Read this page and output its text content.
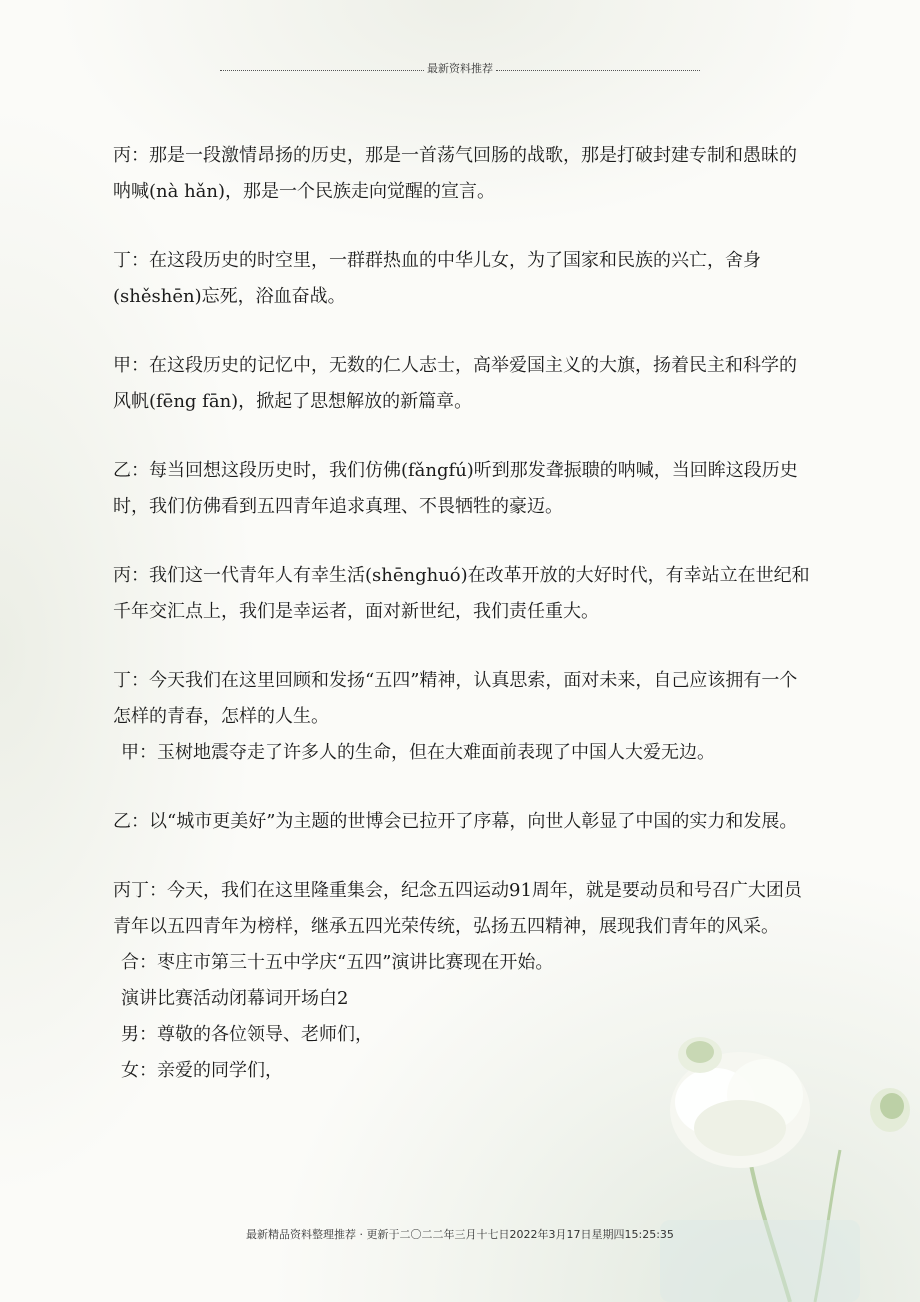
最新资料推荐

丙：那是一段激情昂扬的历史，那是一首荡气回肠的战歌，那是打破封建专制和愚昧的呐喊(nà hǎn)，那是一个民族走向觉醒的宣言。

丁：在这段历史的时空里，一群群热血的中华儿女，为了国家和民族的兴亡，舍身(shěshēn)忘死，浴血奋战。

甲：在这段历史的记忆中，无数的仁人志士，高举爱国主义的大旗，扬着民主和科学的风帆(fēng fān)，掀起了思想解放的新篇章。

乙：每当回想这段历史时，我们仿佛(fǎngfú)听到那发聋振聩的呐喊，当回眸这段历史时，我们仿佛看到五四青年追求真理、不畏牺牲的豪迈。

丙：我们这一代青年人有幸生活(shēnghuó)在改革开放的大好时代，有幸站立在世纪和千年交汇点上，我们是幸运者，面对新世纪，我们责任重大。

丁：今天我们在这里回顾和发扬“五四”精神，认真思索，面对未来，自己应该拥有一个怎样的青春，怎样的人生。

甲：玉树地震夺走了许多人的生命，但在大难面前表现了中国人大爱无边。

乙：以“城市更美好”为主题的世博会已拉开了序幕，向世人彰显了中国的实力和发展。

丙丁：今天，我们在这里隆重集会，纪念五四运动91周年，就是要动员和号召广大团员青年以五四青年为榜样，继承五四光荣传统，弘扬五四精神，展现我们青年的风采。

合：枣庄市第三十五中学庆“五四”演讲比赛现在开始。

演讲比赛活动闭幕词开场白2

男：尊敬的各位领导、老师们，

女：亲爱的同学们，

最新精品资料整理推荐 · 更新于二〇二二年三月十七日2022年3月17日星期四15:25:35
